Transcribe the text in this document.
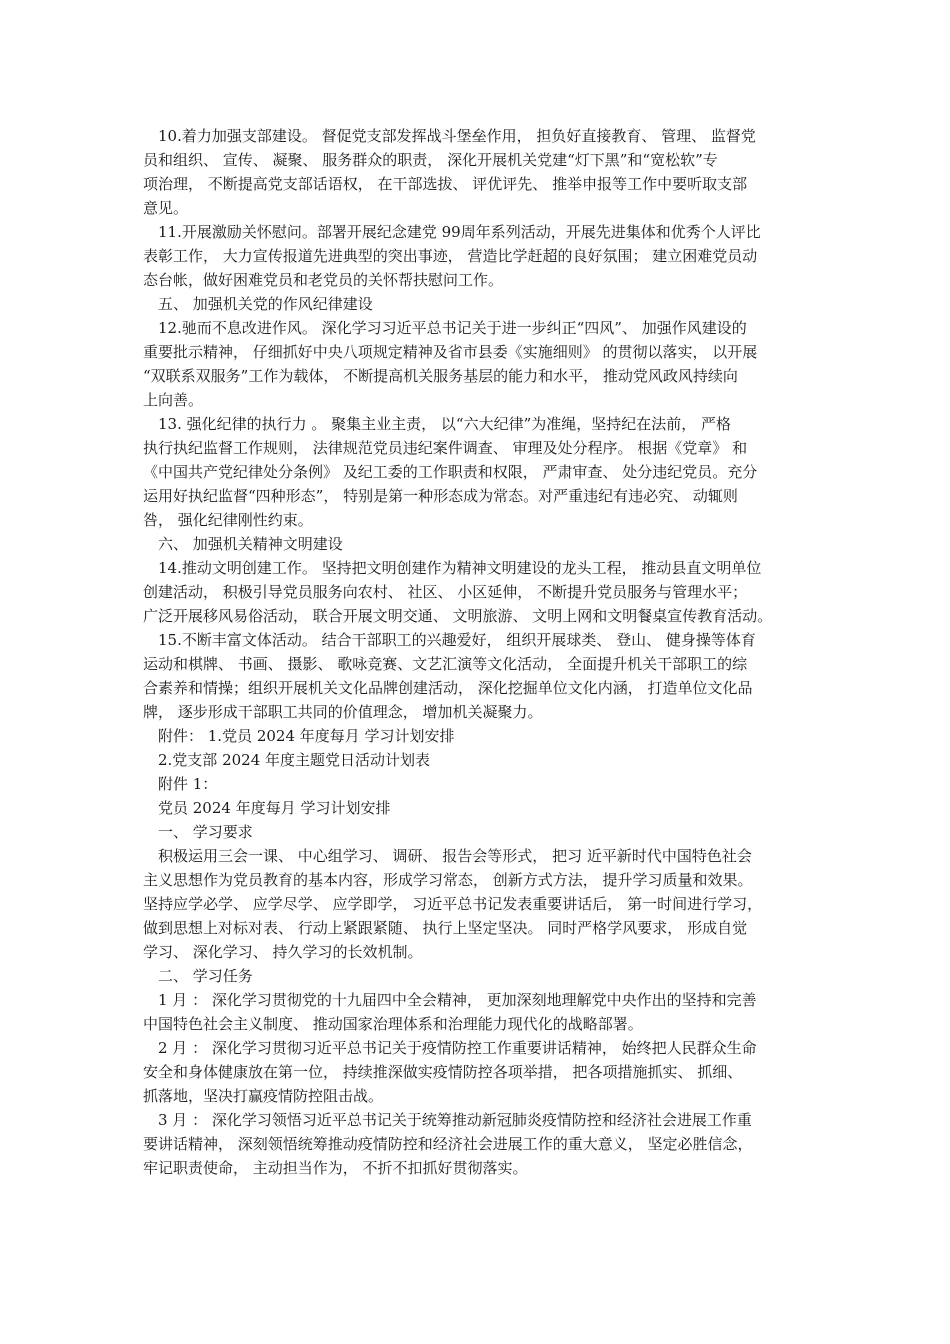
　10.着力加强支部建设。 督促党支部发挥战斗堡垒作用， 担负好直接教育、 管理、 监督党
员和组织、 宣传、 凝聚、 服务群众的职责， 深化开展机关党建“灯下黑”和“宽松软”专
项治理， 不断提高党支部话语权， 在干部选拔、 评优评先、 推举申报等工作中要听取支部
意见。
　11.开展激励关怀慰问。部署开展纪念建党 99周年系列活动，开展先进集体和优秀个人评比
表彰工作， 大力宣传报道先进典型的突出事迹， 营造比学赶超的良好氛围； 建立困难党员动
态台帐，做好困难党员和老党员的关怀帮扶慰问工作。
　五、 加强机关党的作风纪律建设
　12.驰而不息改进作风。 深化学习习近平总书记关于进一步纠正“四风”、 加强作风建设的
重要批示精神， 仔细抓好中央八项规定精神及省市县委《实施细则》 的贯彻以落实， 以开展
“双联系双服务”工作为载体， 不断提高机关服务基层的能力和水平， 推动党风政风持续向
上向善。
　13. 强化纪律的执行力 。 聚集主业主责， 以“六大纪律”为准绳，坚持纪在法前， 严格
执行执纪监督工作规则， 法律规范党员违纪案件调查、 审理及处分程序。 根据《党章》 和
《中国共产党纪律处分条例》 及纪工委的工作职责和权限， 严肃审查、 处分违纪党员。充分
运用好执纪监督“四种形态”， 特别是第一种形态成为常态。对严重违纪有违必究、 动辄则
咎， 强化纪律刚性约束。
　六、 加强机关精神文明建设
　14.推动文明创建工作。 坚持把文明创建作为精神文明建设的龙头工程， 推动县直文明单位
创建活动， 积极引导党员服务向农村、 社区、 小区延伸， 不断提升党员服务与管理水平；
广泛开展移风易俗活动， 联合开展文明交通、 文明旅游、 文明上网和文明餐桌宣传教育活动。
　15.不断丰富文体活动。 结合干部职工的兴趣爱好， 组织开展球类、 登山、 健身操等体育
运动和棋牌、 书画、 摄影、 歌咏竞赛、文艺汇演等文化活动， 全面提升机关干部职工的综
合素养和情操；组织开展机关文化品牌创建活动， 深化挖掘单位文化内涵， 打造单位文化品
牌， 逐步形成干部职工共同的价值理念， 增加机关凝聚力。
　附件： 1.党员 2024 年度每月 学习计划安排
　2.党支部 2024 年度主题党日活动计划表
　附件 1：
　党员 2024 年度每月 学习计划安排
　一、 学习要求
　积极运用三会一课、 中心组学习、 调研、 报告会等形式， 把习 近平新时代中国特色社会
主义思想作为党员教育的基本内容，形成学习常态， 创新方式方法， 提升学习质量和效果。
坚持应学必学、 应学尽学、 应学即学， 习近平总书记发表重要讲话后， 第一时间进行学习，
做到思想上对标对表、 行动上紧跟紧随、 执行上坚定坚决。 同时严格学风要求， 形成自觉
学习、 深化学习、 持久学习的长效机制。
　二、 学习任务
　1 月 ： 深化学习贯彻党的十九届四中全会精神， 更加深刻地理解党中央作出的坚持和完善
中国特色社会主义制度、 推动国家治理体系和治理能力现代化的战略部署。
　2 月 ： 深化学习贯彻习近平总书记关于疫情防控工作重要讲话精神， 始终把人民群众生命
安全和身体健康放在第一位， 持续推深做实疫情防控各项举措， 把各项措施抓实、 抓细、
抓落地，坚决打赢疫情防控阻击战。
　3 月 ： 深化学习领悟习近平总书记关于统筹推动新冠肺炎疫情防控和经济社会进展工作重
要讲话精神， 深刻领悟统筹推动疫情防控和经济社会进展工作的重大意义， 坚定必胜信念，
牢记职责使命， 主动担当作为， 不折不扣抓好贯彻落实。
